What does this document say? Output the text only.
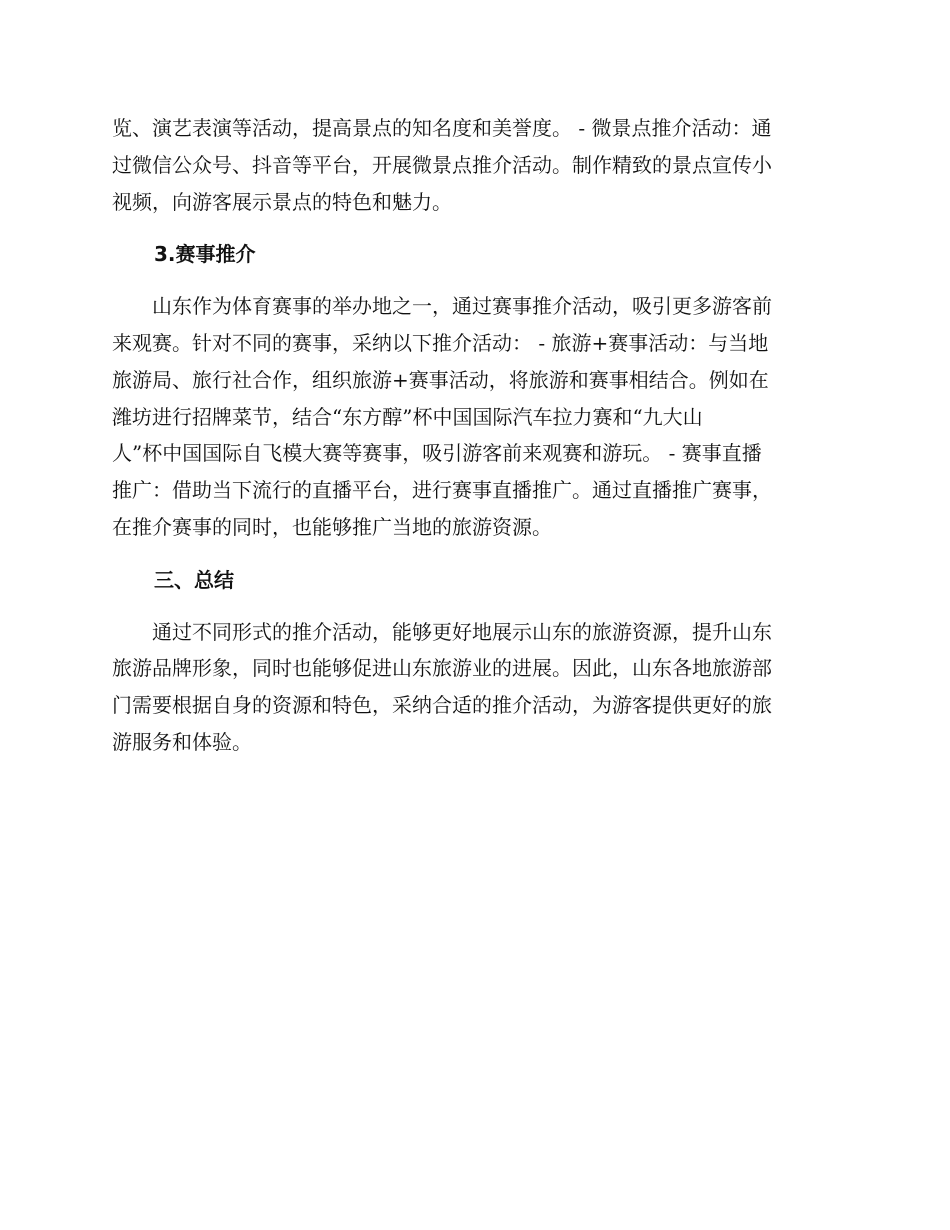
览、演艺表演等活动，提高景点的知名度和美誉度。 - 微景点推介活动：通
过微信公众号、抖音等平台，开展微景点推介活动。制作精致的景点宣传小
视频，向游客展示景点的特色和魅力。
3.赛事推介
　　山东作为体育赛事的举办地之一，通过赛事推介活动，吸引更多游客前
来观赛。针对不同的赛事，采纳以下推介活动： - 旅游+赛事活动：与当地
旅游局、旅行社合作，组织旅游+赛事活动，将旅游和赛事相结合。例如在
潍坊进行招牌菜节，结合“东方醇”杯中国国际汽车拉力赛和“九大山
人”杯中国国际自飞模大赛等赛事，吸引游客前来观赛和游玩。 - 赛事直播
推广：借助当下流行的直播平台，进行赛事直播推广。通过直播推广赛事，
在推介赛事的同时，也能够推广当地的旅游资源。
三、总结
　　通过不同形式的推介活动，能够更好地展示山东的旅游资源，提升山东
旅游品牌形象，同时也能够促进山东旅游业的进展。因此，山东各地旅游部
门需要根据自身的资源和特色，采纳合适的推介活动，为游客提供更好的旅
游服务和体验。
